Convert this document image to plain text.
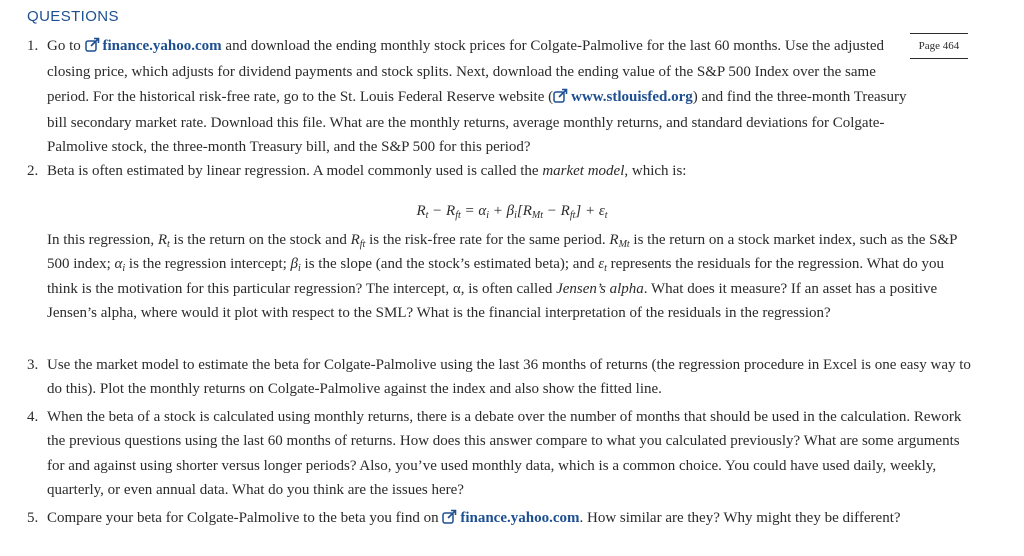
QUESTIONS
Page 464
1. Go to finance.yahoo.com and download the ending monthly stock prices for Colgate-Palmolive for the last 60 months. Use the adjusted closing price, which adjusts for dividend payments and stock splits. Next, download the ending value of the S&P 500 Index over the same period. For the historical risk-free rate, go to the St. Louis Federal Reserve website ( www.stlouisfed.org) and find the three-month Treasury bill secondary market rate. Download this file. What are the monthly returns, average monthly returns, and standard deviations for Colgate-Palmolive stock, the three-month Treasury bill, and the S&P 500 for this period?
2. Beta is often estimated by linear regression. A model commonly used is called the market model, which is:
$R_t - R_{ft} = \alpha_i + \beta_i[R_{Mt} - R_{ft}] + \varepsilon_t$
In this regression, $R_t$ is the return on the stock and $R_{ft}$ is the risk-free rate for the same period. $R_{Mt}$ is the return on a stock market index, such as the S&P 500 index; $\alpha_i$ is the regression intercept; $\beta_i$ is the slope (and the stock’s estimated beta); and $\varepsilon_t$ represents the residuals for the regression. What do you think is the motivation for this particular regression? The intercept, α, is often called Jensen’s alpha. What does it measure? If an asset has a positive Jensen’s alpha, where would it plot with respect to the SML? What is the financial interpretation of the residuals in the regression?
3. Use the market model to estimate the beta for Colgate-Palmolive using the last 36 months of returns (the regression procedure in Excel is one easy way to do this). Plot the monthly returns on Colgate-Palmolive against the index and also show the fitted line.
4. When the beta of a stock is calculated using monthly returns, there is a debate over the number of months that should be used in the calculation. Rework the previous questions using the last 60 months of returns. How does this answer compare to what you calculated previously? What are some arguments for and against using shorter versus longer periods? Also, you’ve used monthly data, which is a common choice. You could have used daily, weekly, quarterly, or even annual data. What do you think are the issues here?
5. Compare your beta for Colgate-Palmolive to the beta you find on finance.yahoo.com. How similar are they? Why might they be different?
